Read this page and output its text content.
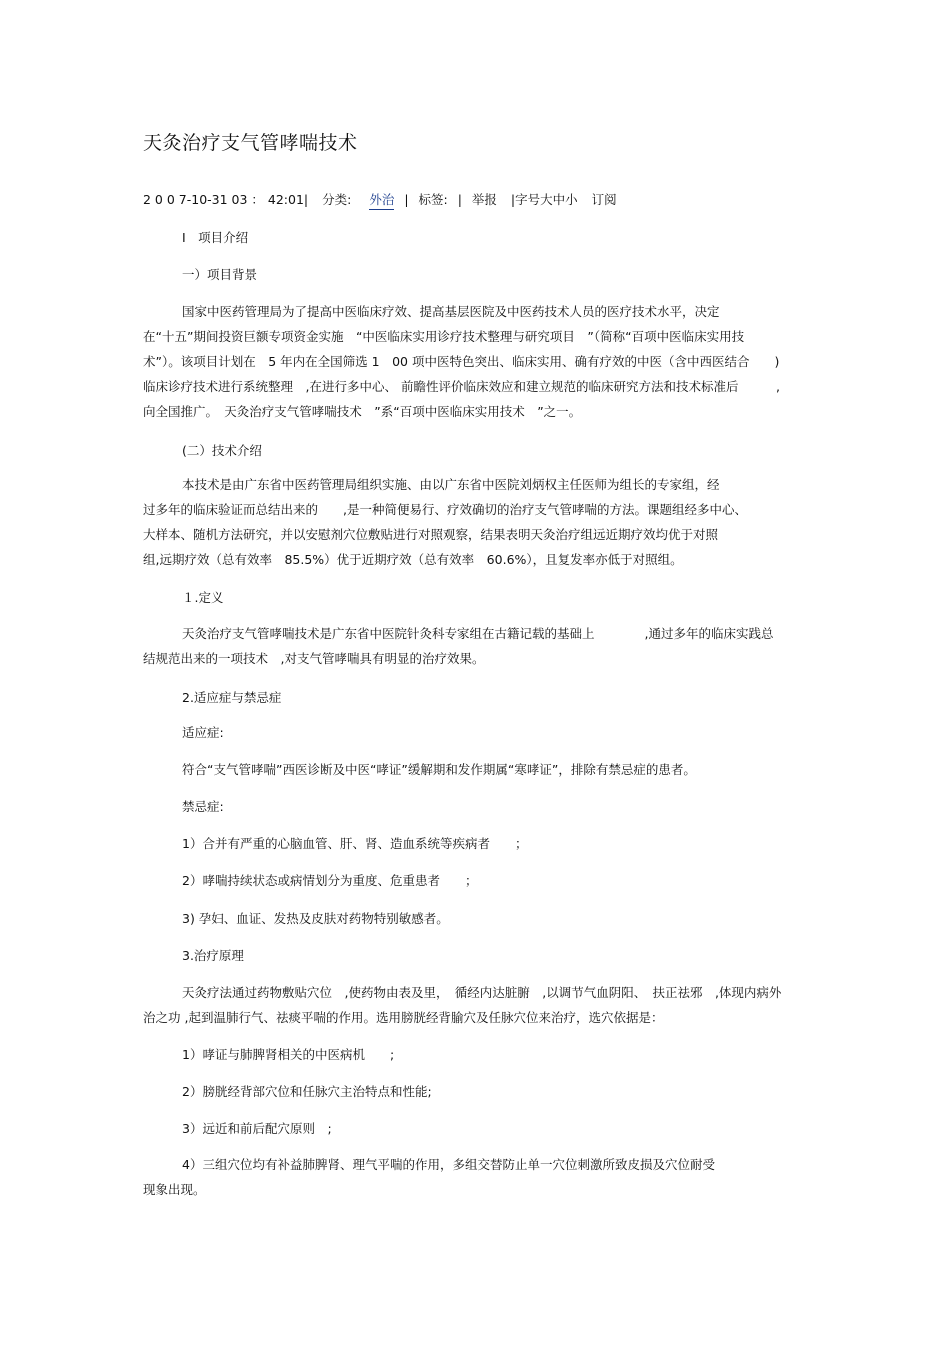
天灸治疗支气管哮喘技术
2 0 0 7-10-31 03 ： 42:01| 分类: 外治 | 标签: | 举报 |字号大中小 订阅
Ⅰ　项目介绍
一）项目背景
国家中医药管理局为了提高中医临床疗效、提高基层医院及中医药技术人员的医疗技术水平，决定
在“十五”期间投资巨额专项资金实施　“中医临床实用诊疗技术整理与研究项目　”（简称“百项中医临床实用技
术”）。该项目计划在　5 年内在全国筛选 1　00 项中医特色突出、临床实用、确有疗效的中医（含中西医结合　　)
临床诊疗技术进行系统整理　,在进行多中心、 前瞻性评价临床效应和建立规范的临床研究方法和技术标准后　　　,
向全国推广。　天灸治疗支气管哮喘技术　”系“百项中医临床实用技术　”之一。
(二）技术介绍
本技术是由广东省中医药管理局组织实施、由以广东省中医院刘炳权主任医师为组长的专家组，经
过多年的临床验证而总结出来的　　,是一种简便易行、疗效确切的治疗支气管哮喘的方法。课题组经多中心、
大样本、随机方法研究，并以安慰剂穴位敷贴进行对照观察，结果表明天灸治疗组远近期疗效均优于对照
组,远期疗效（总有效率　85.5%）优于近期疗效（总有效率　60.6%），且复发率亦低于对照组。
１.定义
天灸治疗支气管哮喘技术是广东省中医院针灸科专家组在古籍记载的基础上　　　　,通过多年的临床实践总
结规范出来的一项技术　,对支气管哮喘具有明显的治疗效果。
2.适应症与禁忌症
适应症:
符合“支气管哮喘”西医诊断及中医“哮证”缓解期和发作期属“寒哮证”，排除有禁忌症的患者。
禁忌症:
1）合并有严重的心脑血管、肝、肾、造血系统等疾病者　　；
2）哮喘持续状态或病情划分为重度、危重患者　　；
3) 孕妇、血证、发热及皮肤对药物特别敏感者。
3.治疗原理
天灸疗法通过药物敷贴穴位　,使药物由表及里，　循经内达脏腑　,以调节气血阴阳、　扶正祛邪　,体现内病外
治之功 ,起到温肺行气、祛痰平喘的作用。选用膀胱经背腧穴及任脉穴位来治疗，选穴依据是：
1）哮证与肺脾肾相关的中医病机　　;
2）膀胱经背部穴位和任脉穴主治特点和性能;
3）远近和前后配穴原则　;
4）三组穴位均有补益肺脾肾、理气平喘的作用，多组交替防止单一穴位刺激所致皮损及穴位耐受
现象出现。
